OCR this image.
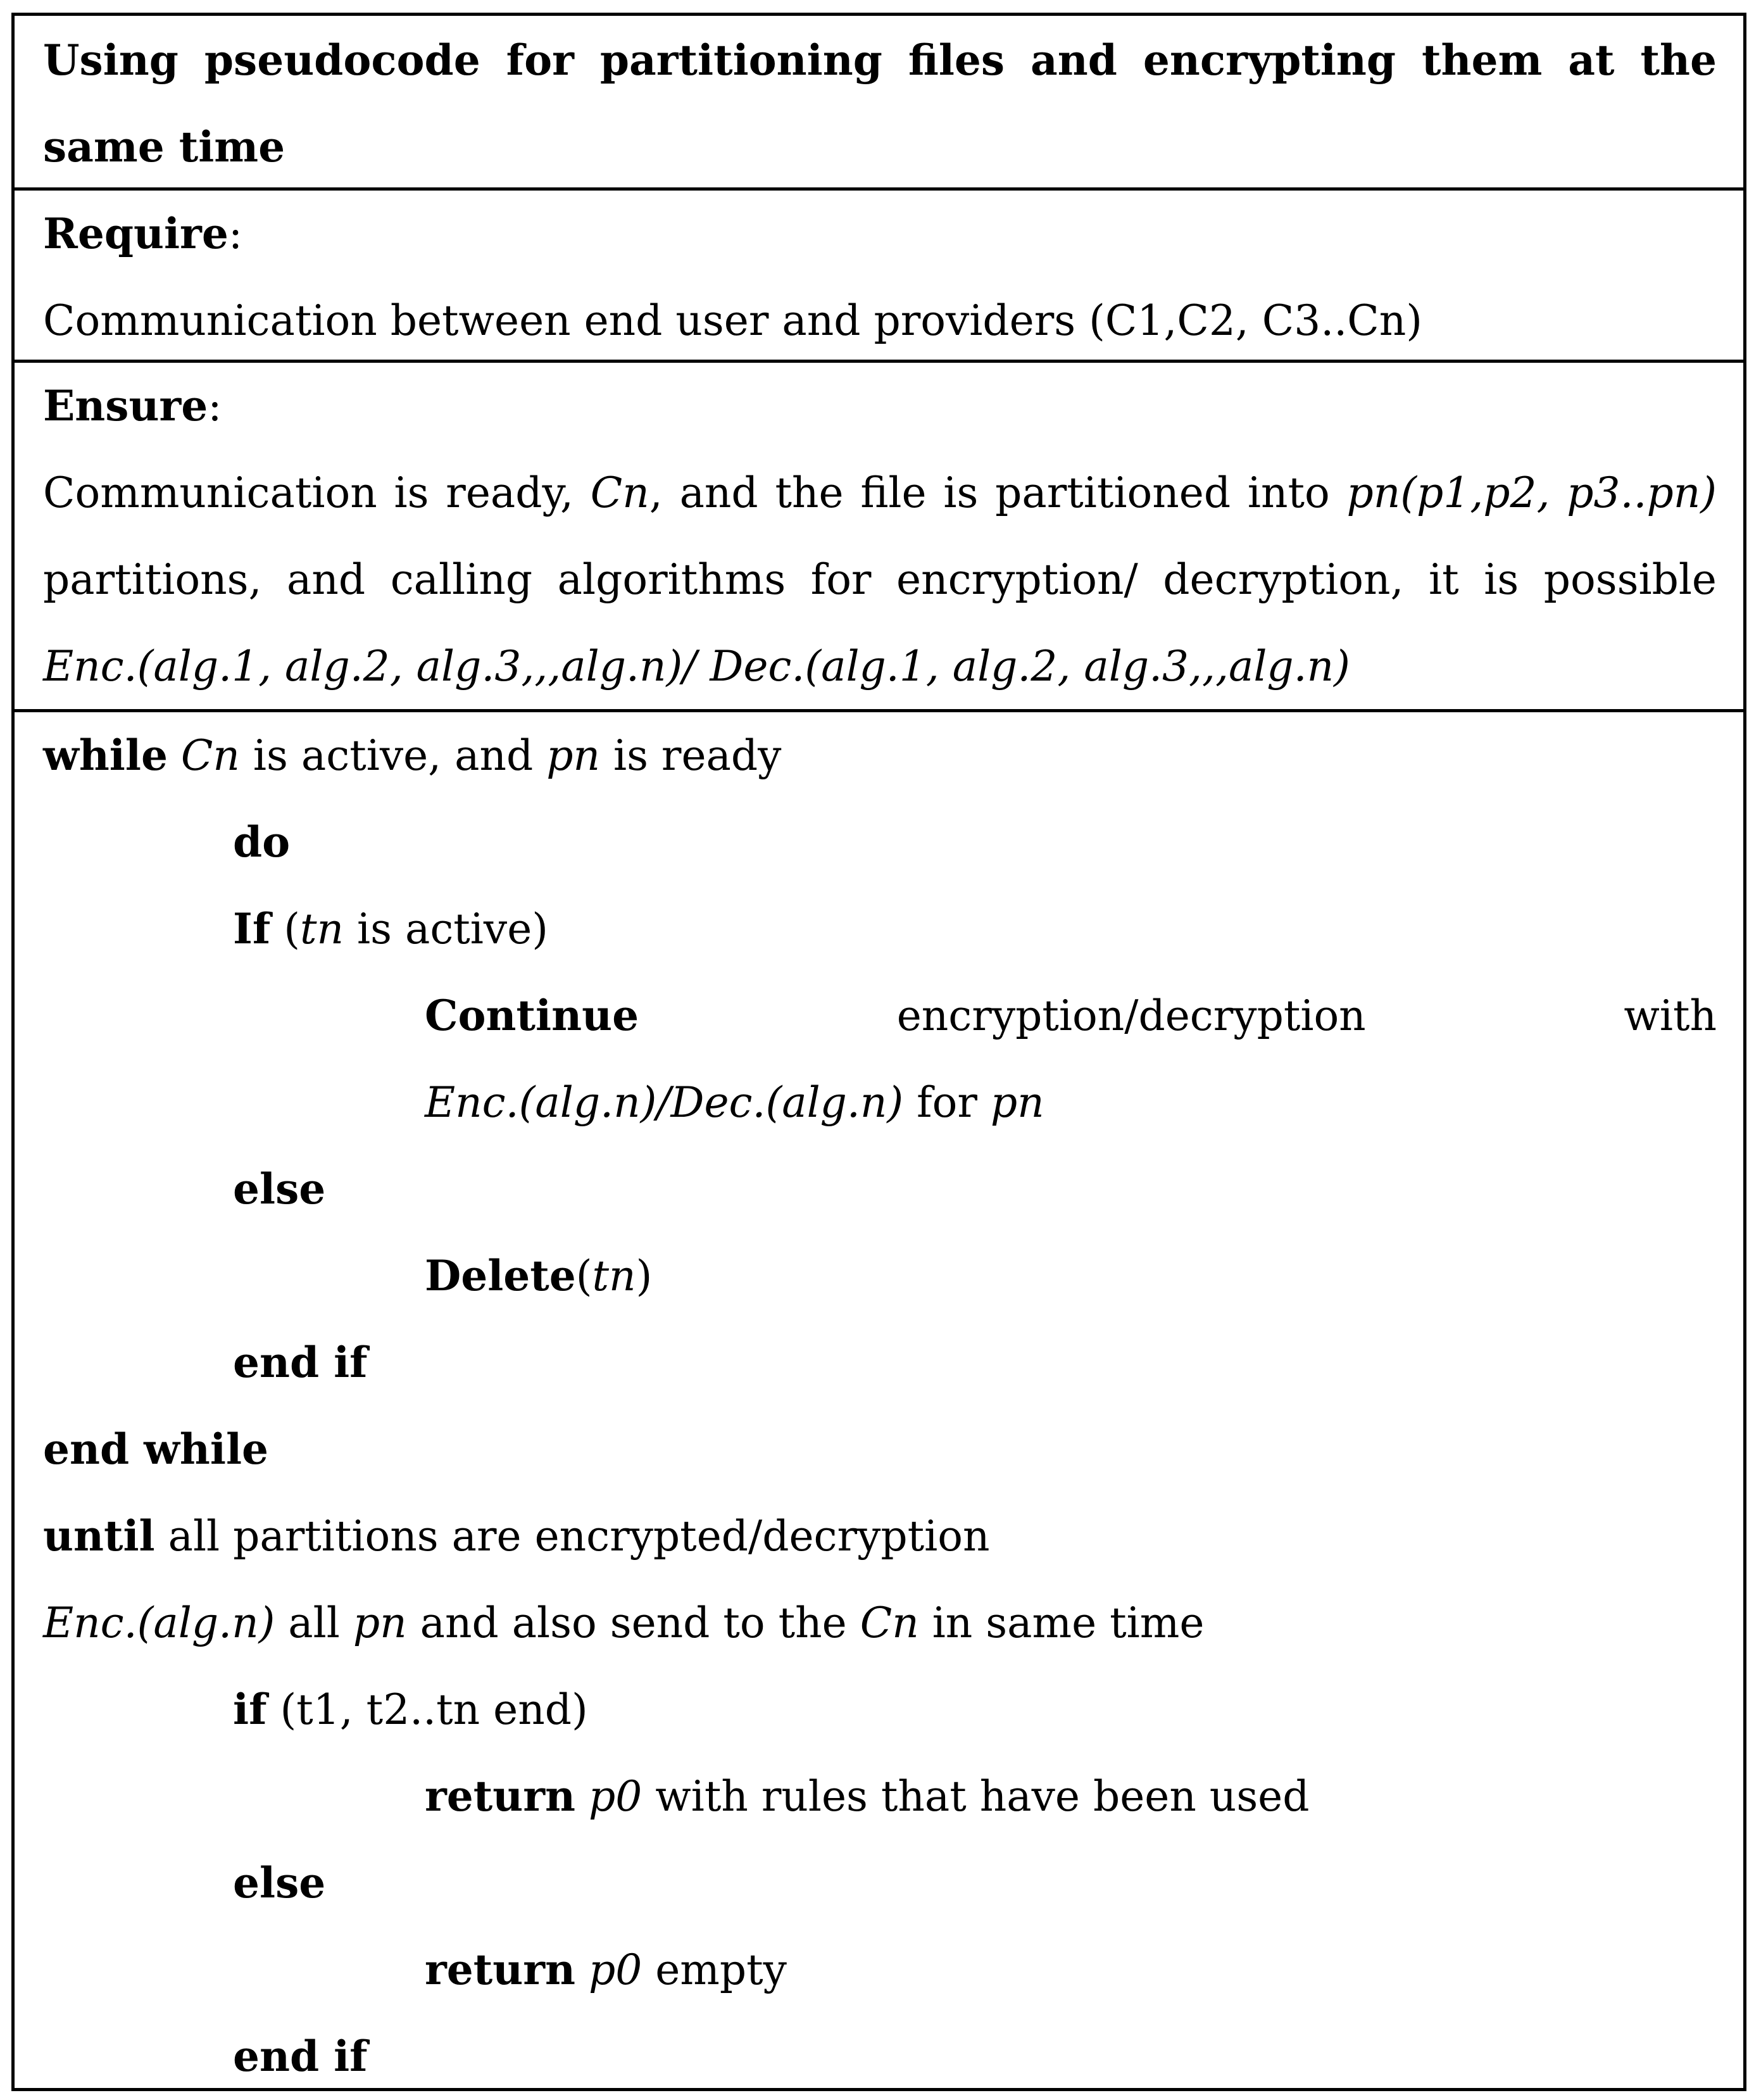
Using pseudocode for partitioning files and encrypting them at the same time
Require:
Communication between end user and providers (C1,C2, C3..Cn)
Ensure:
Communication is ready, Cn, and the file is partitioned into pn(p1,p2, p3..pn) partitions, and calling algorithms for encryption/ decryption, it is possible Enc.(alg.1, alg.2, alg.3,,,alg.n)/ Dec.(alg.1, alg.2, alg.3,,,alg.n)
while Cn is active, and pn is ready
do
If (tn is active)
Continue encryption/decryption with
Enc.(alg.n)/Dec.(alg.n) for pn
else
Delete(tn)
end if
end while
until all partitions are encrypted/decryption
Enc.(alg.n) all pn and also send to the Cn in same time
if (t1, t2..tn end)
return p0 with rules that have been used
else
return p0 empty
end if
